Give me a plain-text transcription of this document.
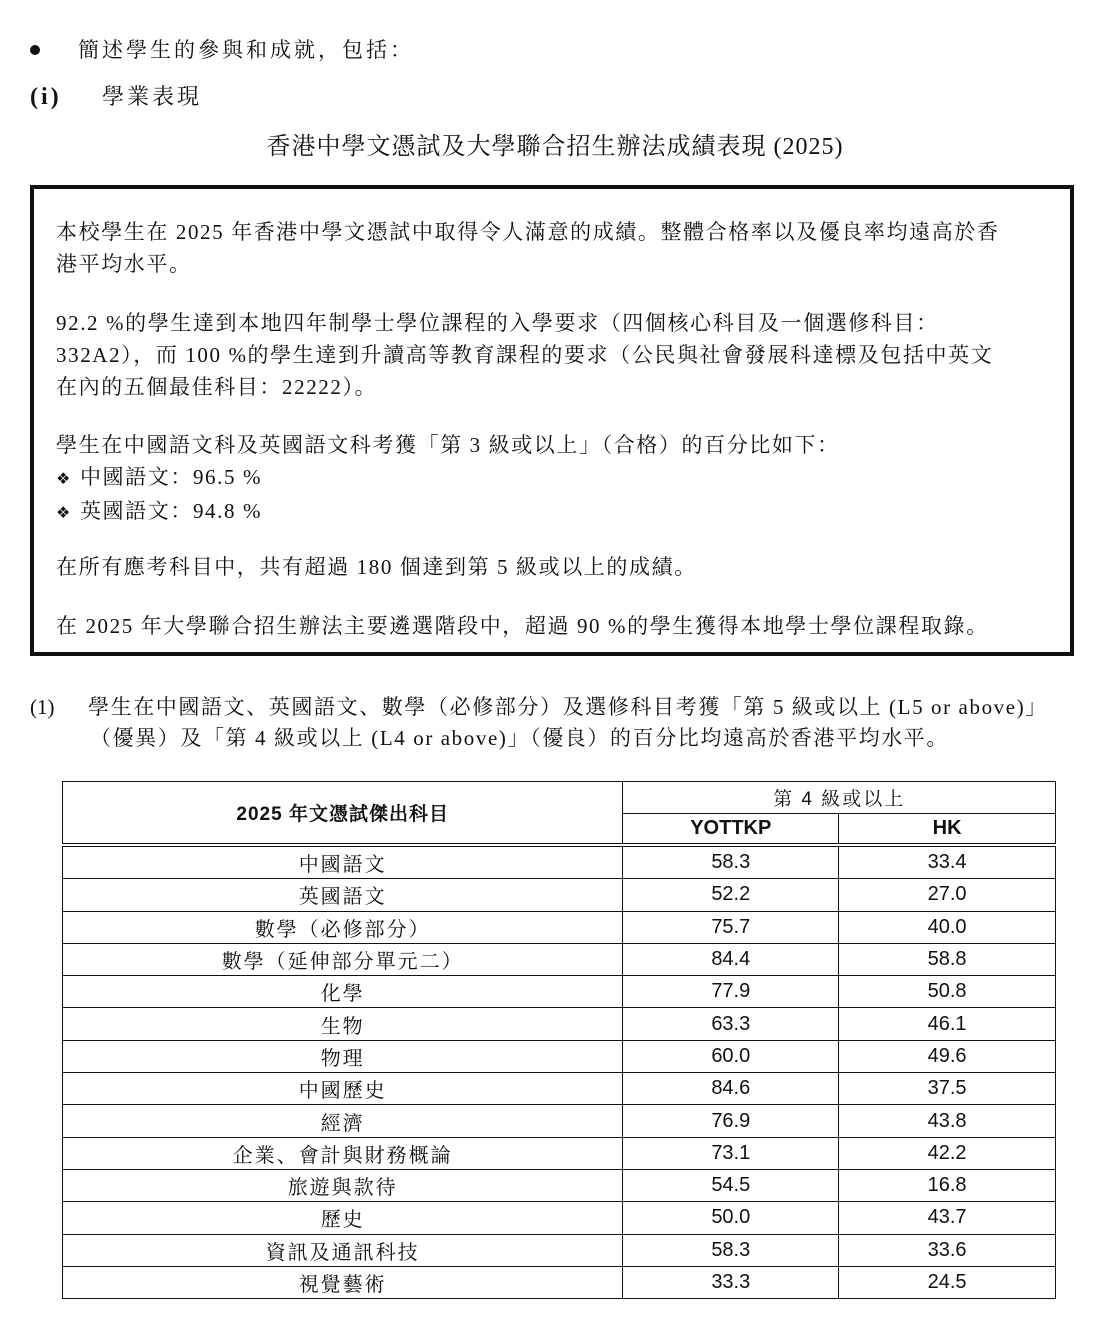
簡述學生的參與和成就，包括：
(i) 學業表現
香港中學文憑試及大學聯合招生辦法成績表現 (2025)
本校學生在 2025 年香港中學文憑試中取得令人滿意的成績。整體合格率以及優良率均遠高於香
港平均水平。
92.2 %的學生達到本地四年制學士學位課程的入學要求（四個核心科目及一個選修科目：
332A2），而 100 %的學生達到升讀高等教育課程的要求（公民與社會發展科達標及包括中英文
在內的五個最佳科目：22222）。
學生在中國語文科及英國語文科考獲「第 3 級或以上」（合格）的百分比如下：
❖ 中國語文：96.5 %
❖ 英國語文：94.8 %
在所有應考科目中，共有超過 180 個達到第 5 級或以上的成績。
在 2025 年大學聯合招生辦法主要遴選階段中，超過 90 %的學生獲得本地學士學位課程取錄。
(1) 學生在中國語文、英國語文、數學（必修部分）及選修科目考獲「第 5 級或以上 (L5 or above)」
（優異）及「第 4 級或以上 (L4 or above)」（優良）的百分比均遠高於香港平均水平。
2025 年文憑試傑出科目	第 4 級或以上	
	YOTTKP	HK
中國語文	58.3	33.4
英國語文	52.2	27.0
數學（必修部分）	75.7	40.0
數學（延伸部分單元二）	84.4	58.8
化學	77.9	50.8
生物	63.3	46.1
物理	60.0	49.6
中國歷史	84.6	37.5
經濟	76.9	43.8
企業、會計與財務概論	73.1	42.2
旅遊與款待	54.5	16.8
歷史	50.0	43.7
資訊及通訊科技	58.3	33.6
視覺藝術	33.3	24.5
